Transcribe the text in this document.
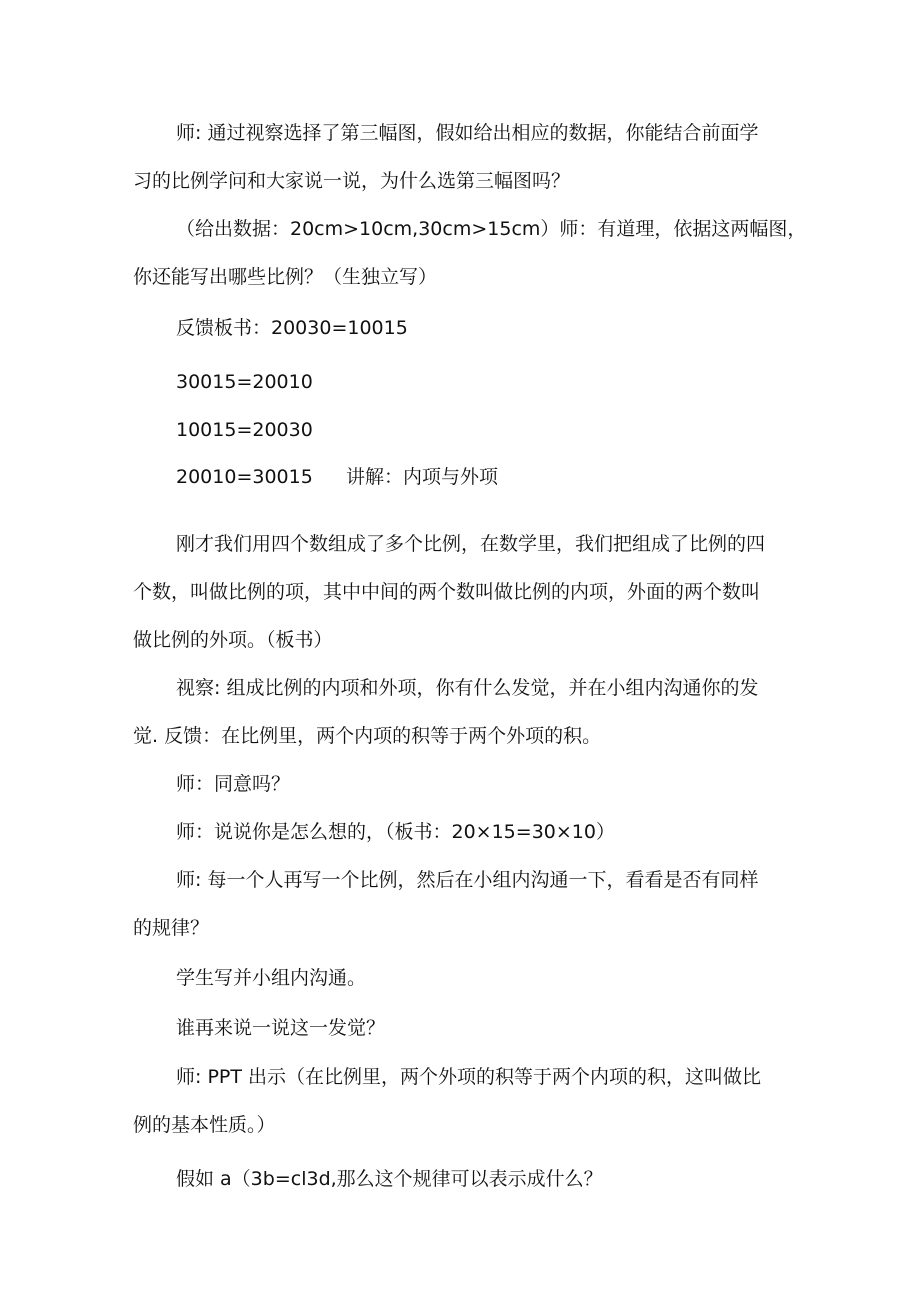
师: 通过视察选择了第三幅图，假如给出相应的数据，你能结合前面学
习的比例学问和大家说一说，为什么选第三幅图吗？
（给出数据：20cm>10cm,30cm>15cm）师：有道理，依据这两幅图，
你还能写出哪些比例？（生独立写）
反馈板书：20030=10015
30015=20010
10015=20030
20010=30015 讲解：内项与外项
刚才我们用四个数组成了多个比例，在数学里，我们把组成了比例的四
个数，叫做比例的项，其中中间的两个数叫做比例的内项，外面的两个数叫
做比例的外项。（板书）
视察: 组成比例的内项和外项，你有什么发觉，并在小组内沟通你的发
觉. 反馈：在比例里，两个内项的积等于两个外项的积。
师：同意吗？
师：说说你是怎么想的，（板书：20×15=30×10）
师: 每一个人再写一个比例，然后在小组内沟通一下，看看是否有同样
的规律？
学生写并小组内沟通。
谁再来说一说这一发觉？
师: PPT 出示（在比例里，两个外项的积等于两个内项的积，这叫做比
例的基本性质。）
假如 a（3b=cl3d,那么这个规律可以表示成什么？
